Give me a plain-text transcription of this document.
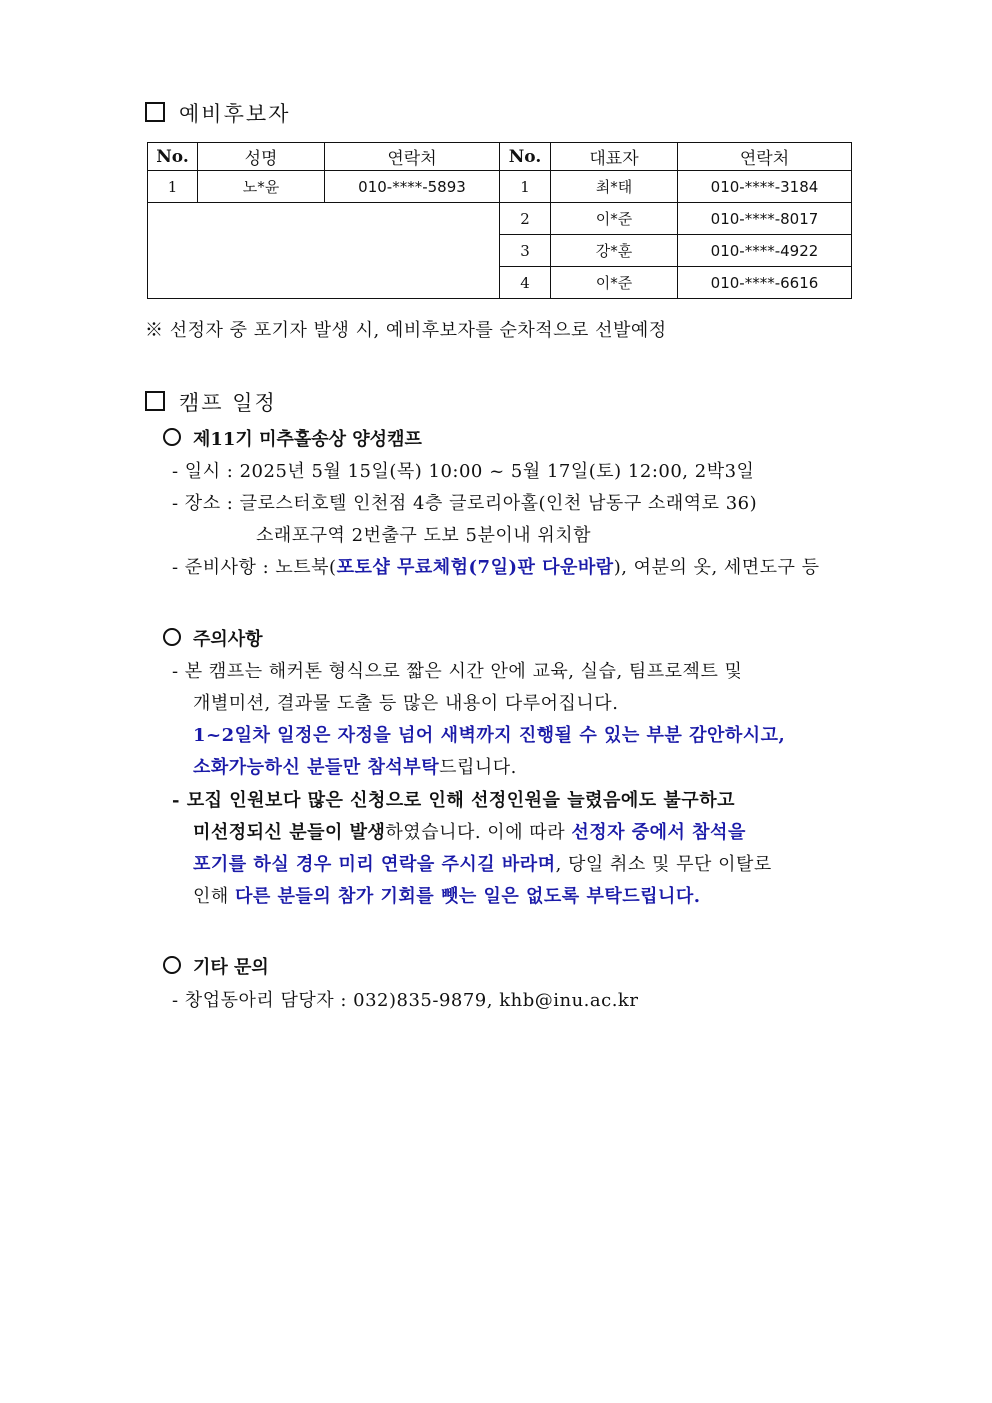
예비후보자
No.	성명	연락처	No.	대표자	연락처
1	노*윤	010-****-5893	1	최*태	010-****-3184
			2	이*준	010-****-8017
			3	강*훈	010-****-4922
			4	이*준	010-****-6616
※ 선정자 중 포기자 발생 시, 예비후보자를 순차적으로 선발예정
캠프 일정
제11기 미추홀송상 양성캠프
- 일시 : 2025년 5월 15일(목) 10:00 ~ 5월 17일(토) 12:00, 2박3일
- 장소 : 글로스터호텔 인천점 4층 글로리아홀(인천 남동구 소래역로 36)
소래포구역 2번출구 도보 5분이내 위치함
- 준비사항 : 노트북(포토샵 무료체험(7일)판 다운바람), 여분의 옷, 세면도구 등
주의사항
- 본 캠프는 해커톤 형식으로 짧은 시간 안에 교육, 실습, 팀프로젝트 및
개별미션, 결과물 도출 등 많은 내용이 다루어집니다.
1~2일차 일정은 자정을 넘어 새벽까지 진행될 수 있는 부분 감안하시고,
소화가능하신 분들만 참석부탁드립니다.
- 모집 인원보다 많은 신청으로 인해 선정인원을 늘렸음에도 불구하고
미선정되신 분들이 발생하였습니다. 이에 따라 선정자 중에서 참석을
포기를 하실 경우 미리 연락을 주시길 바라며, 당일 취소 및 무단 이탈로
인해 다른 분들의 참가 기회를 뺏는 일은 없도록 부탁드립니다.
기타 문의
- 창업동아리 담당자 : 032)835-9879, khb@inu.ac.kr
